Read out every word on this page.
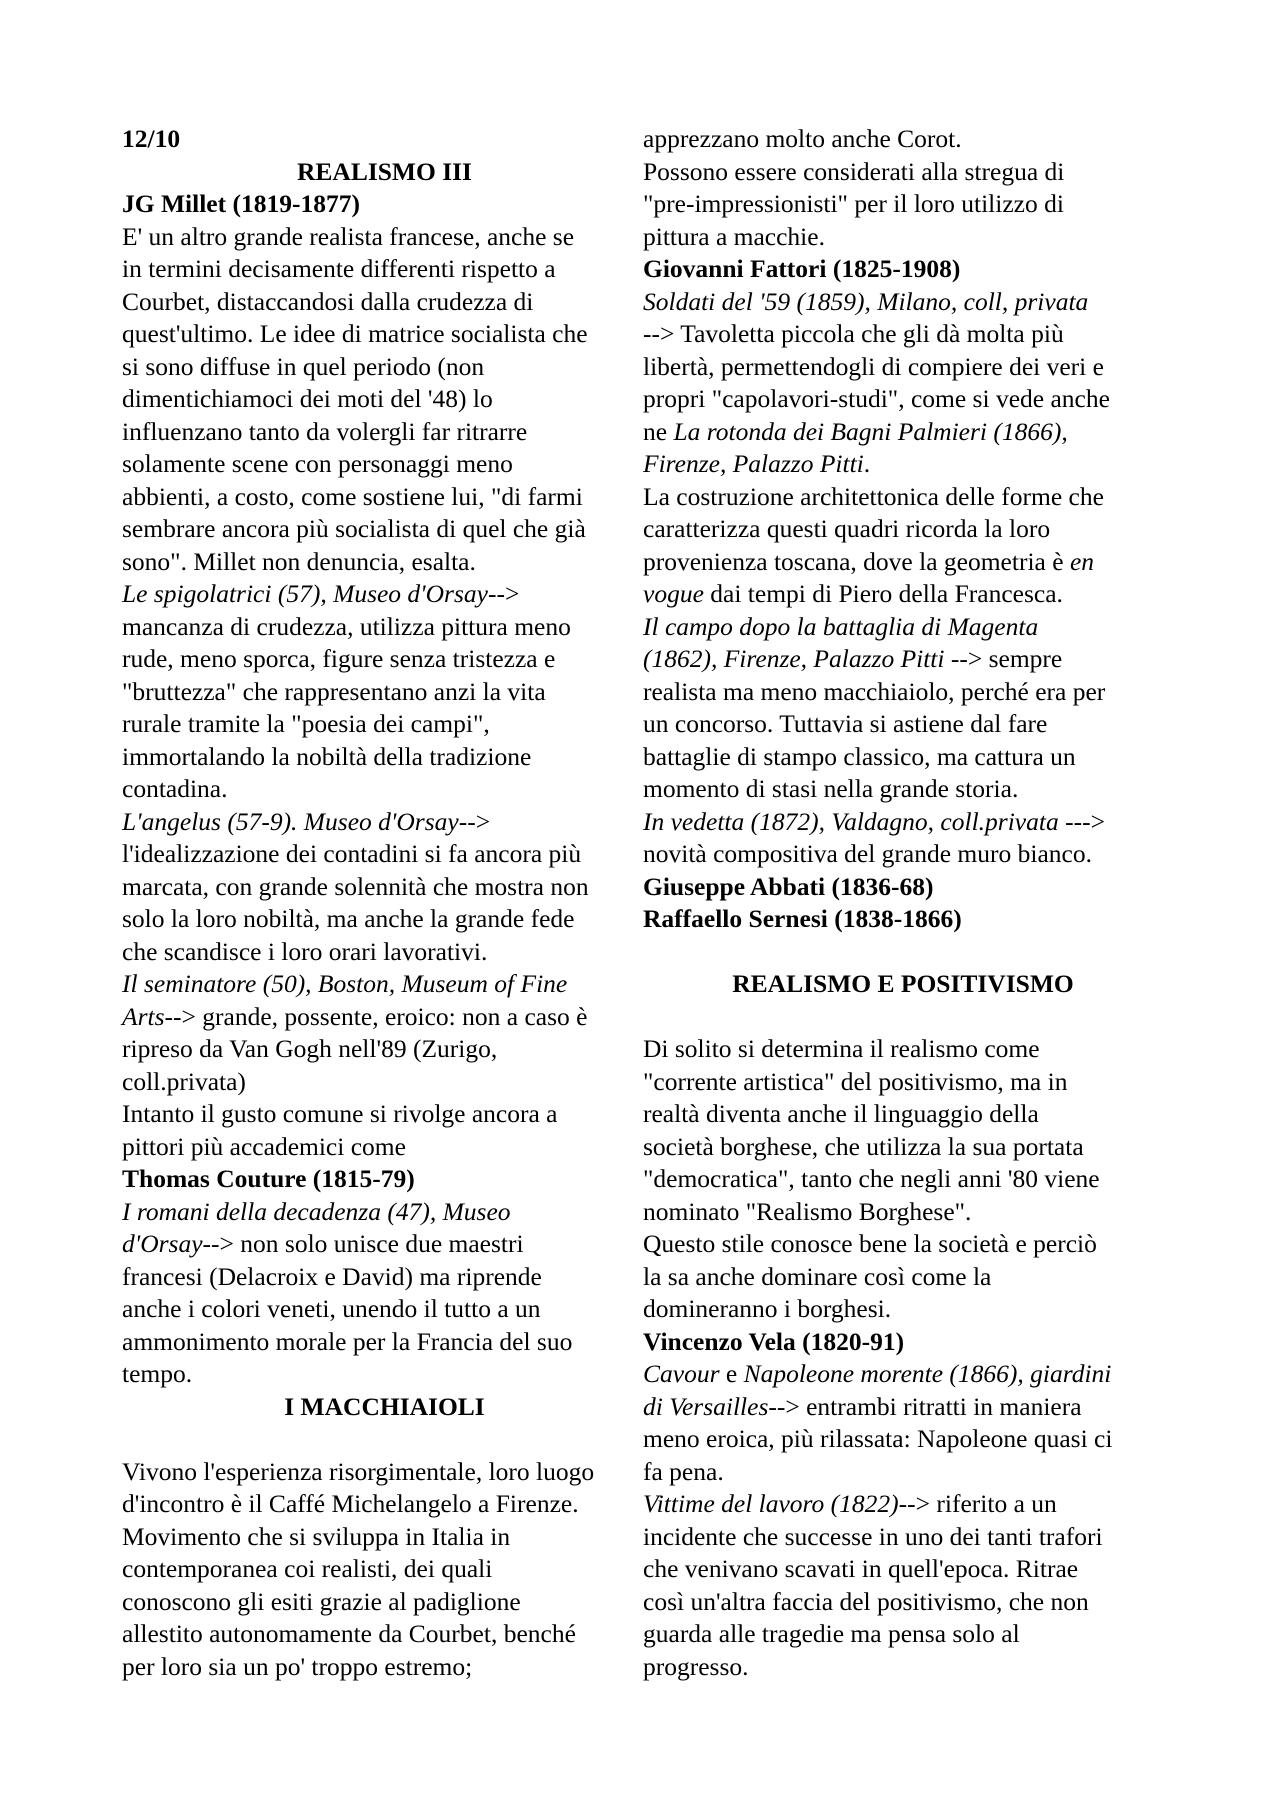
12/10
REALISMO III
JG Millet (1819-1877)
E' un altro grande realista francese, anche se
in termini decisamente differenti rispetto a
Courbet, distaccandosi dalla crudezza di
quest'ultimo. Le idee di matrice socialista che
si sono diffuse in quel periodo (non
dimentichiamoci dei moti del '48) lo
influenzano tanto da volergli far ritrarre
solamente scene con personaggi meno
abbienti, a costo, come sostiene lui, "di farmi
sembrare ancora più socialista di quel che già
sono". Millet non denuncia, esalta.
Le spigolatrici (57), Museo d'Orsay-->
mancanza di crudezza, utilizza pittura meno
rude, meno sporca, figure senza tristezza e
"bruttezza" che rappresentano anzi la vita
rurale tramite la "poesia dei campi",
immortalando la nobiltà della tradizione
contadina.
L'angelus (57-9). Museo d'Orsay-->
l'idealizzazione dei contadini si fa ancora più
marcata, con grande solennità che mostra non
solo la loro nobiltà, ma anche la grande fede
che scandisce i loro orari lavorativi.
Il seminatore (50), Boston, Museum of Fine
Arts--> grande, possente, eroico: non a caso è
ripreso da Van Gogh nell'89 (Zurigo,
coll.privata)
Intanto il gusto comune si rivolge ancora a
pittori più accademici come
Thomas Couture (1815-79)
I romani della decadenza (47), Museo
d'Orsay--> non solo unisce due maestri
francesi (Delacroix e David) ma riprende
anche i colori veneti, unendo il tutto a un
ammonimento morale per la Francia del suo
tempo.
I MACCHIAIOLI
Vivono l'esperienza risorgimentale, loro luogo
d'incontro è il Caffé Michelangelo a Firenze.
Movimento che si sviluppa in Italia in
contemporanea coi realisti, dei quali
conoscono gli esiti grazie al padiglione
allestito autonomamente da Courbet, benché
per loro sia un po' troppo estremo;
apprezzano molto anche Corot.
Possono essere considerati alla stregua di
"pre-impressionisti" per il loro utilizzo di
pittura a macchie.
Giovanni Fattori (1825-1908)
Soldati del '59 (1859), Milano, coll, privata
--> Tavoletta piccola che gli dà molta più
libertà, permettendogli di compiere dei veri e
propri "capolavori-studi", come si vede anche
ne La rotonda dei Bagni Palmieri (1866),
Firenze, Palazzo Pitti.
La costruzione architettonica delle forme che
caratterizza questi quadri ricorda la loro
provenienza toscana, dove la geometria è en
vogue dai tempi di Piero della Francesca.
Il campo dopo la battaglia di Magenta
(1862), Firenze, Palazzo Pitti --> sempre
realista ma meno macchiaiolo, perché era per
un concorso. Tuttavia si astiene dal fare
battaglie di stampo classico, ma cattura un
momento di stasi nella grande storia.
In vedetta (1872), Valdagno, coll.privata --->
novità compositiva del grande muro bianco.
Giuseppe Abbati (1836-68)
Raffaello Sernesi (1838-1866)
REALISMO E POSITIVISMO
Di solito si determina il realismo come
"corrente artistica" del positivismo, ma in
realtà diventa anche il linguaggio della
società borghese, che utilizza la sua portata
"democratica", tanto che negli anni '80 viene
nominato "Realismo Borghese".
Questo stile conosce bene la società e perciò
la sa anche dominare così come la
domineranno i borghesi.
Vincenzo Vela (1820-91)
Cavour e Napoleone morente (1866), giardini
di Versailles--> entrambi ritratti in maniera
meno eroica, più rilassata: Napoleone quasi ci
fa pena.
Vittime del lavoro (1822)--> riferito a un
incidente che successe in uno dei tanti trafori
che venivano scavati in quell'epoca. Ritrae
così un'altra faccia del positivismo, che non
guarda alle tragedie ma pensa solo al
progresso.
